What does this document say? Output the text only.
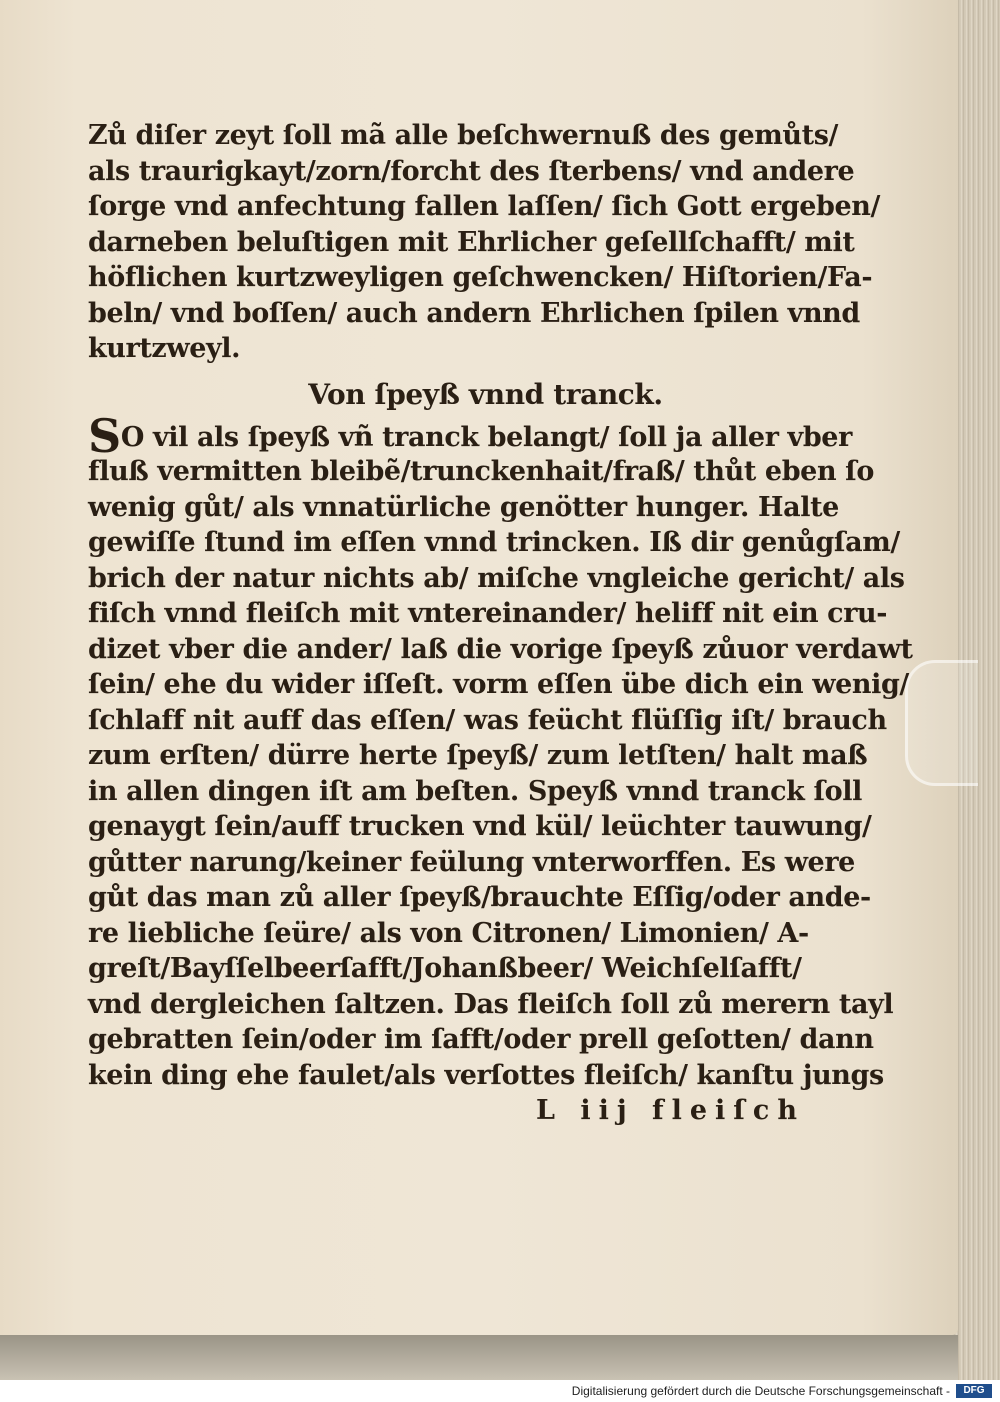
Zů diſer zeyt ſoll mã alle beſchwernuß des gemůts/
als traurigkayt/zorn/forcht des ſterbens/ vnd andere
ſorge vnd anfechtung fallen laſſen/ ſich Gott ergeben/
darneben beluſtigen mit Ehrlicher geſellſchafft/ mit
höflichen kurtzweyligen geſchwencken/ Hiſtorien/Fa-
beln/ vnd boſſen/ auch andern Ehrlichen ſpilen vnnd
kurtzweyl.
Von ſpeyß vnnd tranck.
SO vil als ſpeyß vñ tranck belangt/ ſoll ja aller vber
fluß vermitten bleibẽ/trunckenhait/fraß/ thůt eben ſo
wenig gůt/ als vnnatürliche genötter hunger. Halte
gewiſſe ſtund im eſſen vnnd trincken. Iß dir genůgſam/
brich der natur nichts ab/ miſche vngleiche gericht/ als
fiſch vnnd fleiſch mit vntereinander/ heliff nit ein cru-
dizet vber die ander/ laß die vorige ſpeyß zůuor verdawt
ſein/ ehe du wider iſſeſt. vorm eſſen übe dich ein wenig/
ſchlaff nit auff das eſſen/ was feücht flüſſig iſt/ brauch
zum erſten/ dürre herte ſpeyß/ zum letſten/ halt maß
in allen dingen iſt am beſten. Speyß vnnd tranck ſoll
genaygt ſein/auff trucken vnd kül/ leüchter tauwung/
gůtter narung/keiner feülung vnterworffen. Es were
gůt das man zů aller ſpeyß/brauchte Eſſig/oder ande-
re liebliche ſeüre/ als von Citronen/ Limonien/ A-
greſt/Bayſſelbeerſafft/Johanßbeer/ Weichſelſafft/
vnd dergleichen ſaltzen. Das fleiſch ſoll zů merern tayl
gebratten ſein/oder im ſafft/oder prell geſotten/ dann
kein ding ehe faulet/als verſottes fleiſch/ kanſtu jungs
L iij fleiſch
Digitalisierung gefördert durch die Deutsche Forschungsgemeinschaft -	DFG
